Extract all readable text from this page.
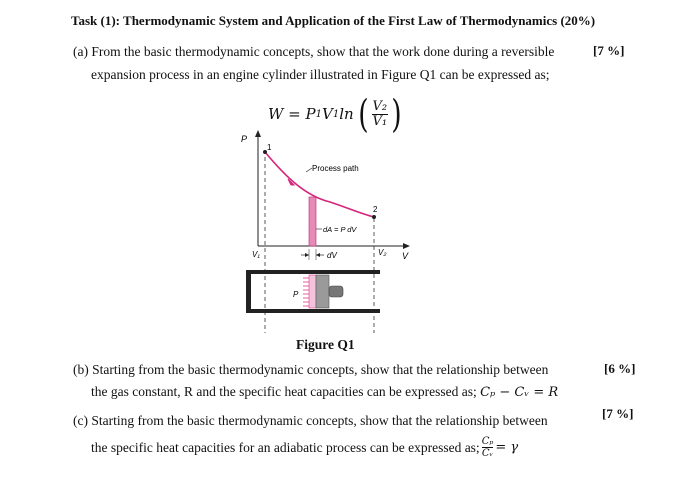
Task (1): Thermodynamic System and Application of the First Law of Thermodynamics (20%)
(a) From the basic thermodynamic concepts, show that the work done during a reversible	[7 %]
expansion process in an engine cylinder illustrated in Figure Q1 can be expressed as;
W = P 1 V 1 ln ( $\frac{\text{V₂}}{\text{V₁}}$ )
P
V
1
2
Process path
dA = P dV
dV
V₁	V₂
P
Figure Q1
(b) Starting from the basic thermodynamic concepts, show that the relationship between	[6 %]
the gas constant, R and the specific heat capacities can be expressed as; Cₚ − Cᵥ = R
(c) Starting from the basic thermodynamic concepts, show that the relationship between	[7 %]
the specific heat capacities for an adiabatic process can be expressed as; $\frac{\text{Cₚ}}{\text{Cᵥ}} = \gamma$
